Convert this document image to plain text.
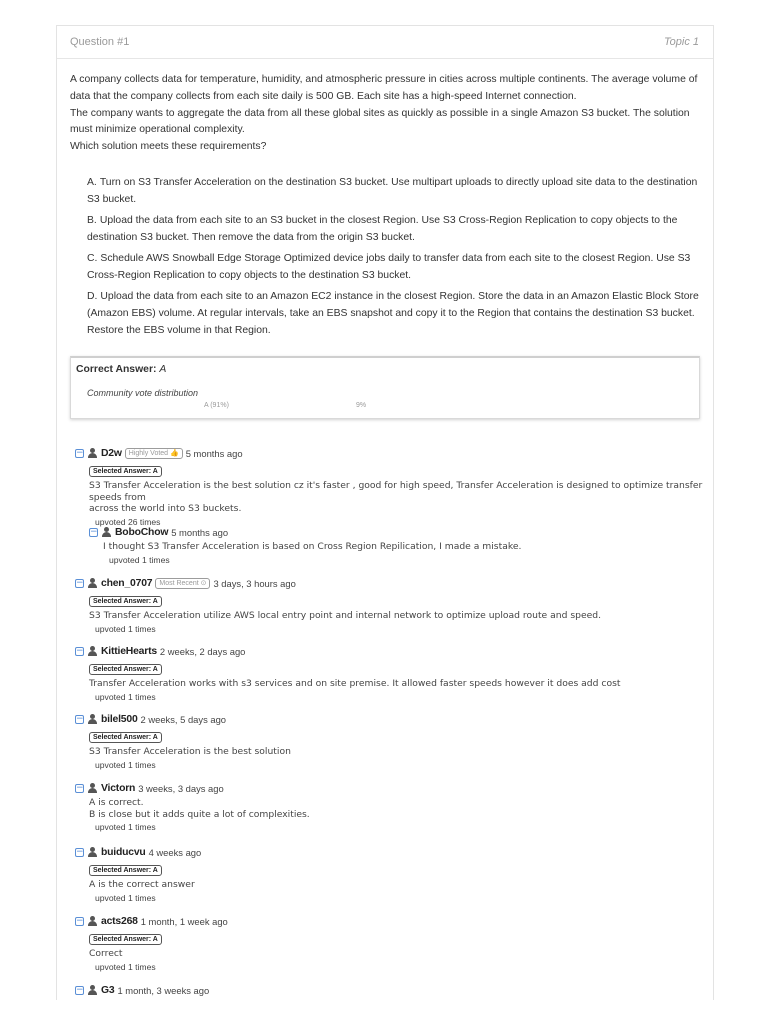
Question #1	Topic 1

A company collects data for temperature, humidity, and atmospheric pressure in cities across multiple continents. The average volume of data that the company collects from each site daily is 500 GB. Each site has a high-speed Internet connection.

The company wants to aggregate the data from all these global sites as quickly as possible in a single Amazon S3 bucket. The solution must minimize operational complexity.

Which solution meets these requirements?

A. Turn on S3 Transfer Acceleration on the destination S3 bucket. Use multipart uploads to directly upload site data to the destination S3 bucket.
B. Upload the data from each site to an S3 bucket in the closest Region. Use S3 Cross-Region Replication to copy objects to the destination S3 bucket. Then remove the data from the origin S3 bucket.
C. Schedule AWS Snowball Edge Storage Optimized device jobs daily to transfer data from each site to the closest Region. Use S3 Cross-Region Replication to copy objects to the destination S3 bucket.
D. Upload the data from each site to an Amazon EC2 instance in the closest Region. Store the data in an Amazon Elastic Block Store (Amazon EBS) volume. At regular intervals, take an EBS snapshot and copy it to the Region that contains the destination S3 bucket. Restore the EBS volume in that Region.
Correct Answer: A
Community vote distribution
A (91%)	9%
− D2w	Highly Voted 👍 5 months ago
Selected Answer: A
S3 Transfer Acceleration is the best solution cz it's faster , good for high speed, Transfer Acceleration is designed to optimize transfer speeds from
across the world into S3 buckets.
upvoted 26 times
− BoboChow 5 months ago
I thought S3 Transfer Acceleration is based on Cross Region Repilication, I made a mistake.
upvoted 1 times
− chen_0707	Most Recent ⊙ 3 days, 3 hours ago
Selected Answer: A
S3 Transfer Acceleration utilize AWS local entry point and internal network to optimize upload route and speed.
upvoted 1 times
− KittieHearts 2 weeks, 2 days ago
Selected Answer: A
Transfer Acceleration works with s3 services and on site premise. It allowed faster speeds however it does add cost
upvoted 1 times
− bilel500 2 weeks, 5 days ago
Selected Answer: A
S3 Transfer Acceleration is the best solution
upvoted 1 times
− Victorn 3 weeks, 3 days ago
A is correct.
B is close but it adds quite a lot of complexities.
upvoted 1 times
− buiducvu 4 weeks ago
Selected Answer: A
A is the correct answer
upvoted 1 times
− acts268 1 month, 1 week ago
Selected Answer: A
Correct
upvoted 1 times
− G3 1 month, 3 weeks ago
